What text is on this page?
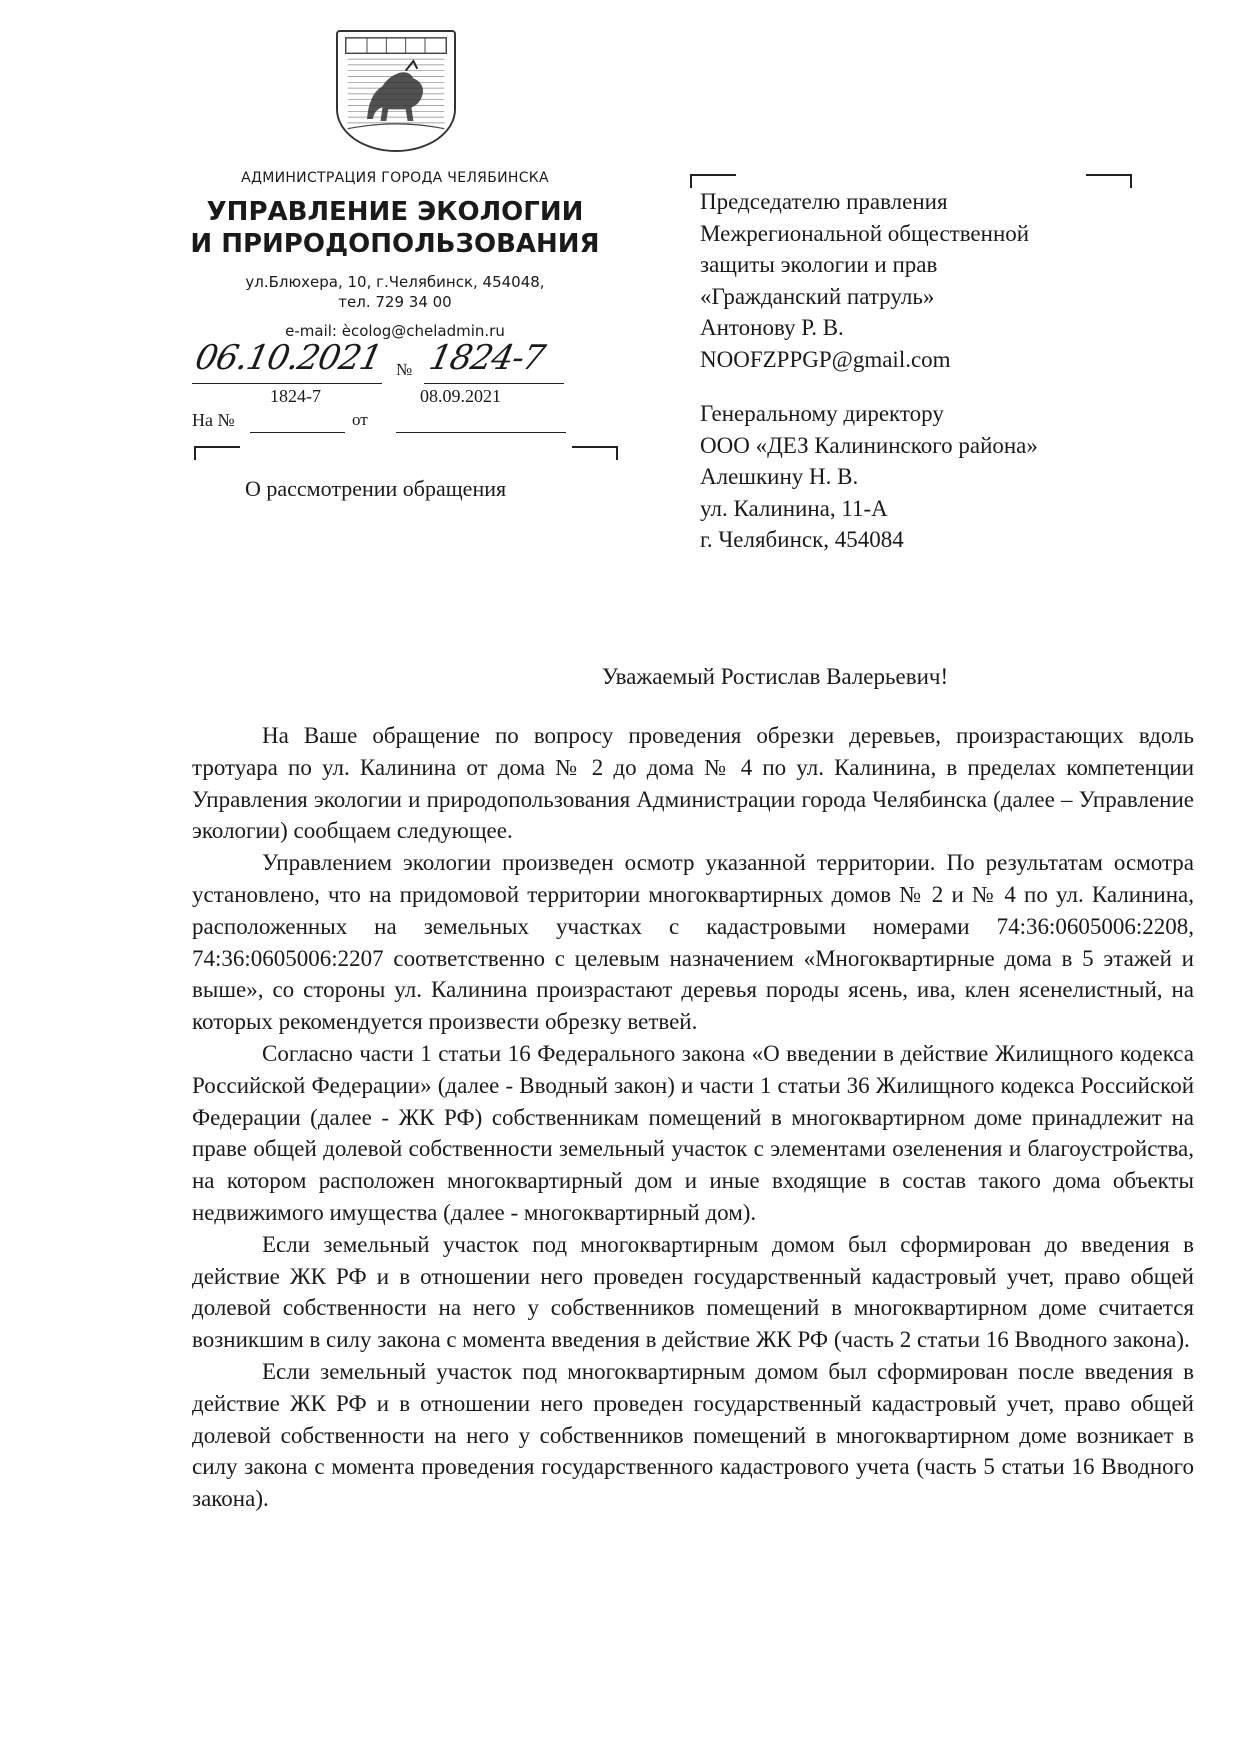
АДМИНИСТРАЦИЯ ГОРОДА ЧЕЛЯБИНСКА
УПРАВЛЕНИЕ ЭКОЛОГИИ
И ПРИРОДОПОЛЬЗОВАНИЯ
ул.Блюхера, 10, г.Челябинск, 454048,
тел. 729 34 00
e-mail: ècolog@cheladmin.ru
06.10.2021 № 1824-7
1824-7	08.09.2021
На №	от
О рассмотрении обращения
Председателю правления
Межрегиональной общественной
защиты экологии и прав
«Гражданский патруль»
Антонову Р. В.
NOOFZPPGP@gmail.com
Генеральному директору
ООО «ДЕЗ Калининского района»
Алешкину Н. В.
ул. Калинина, 11-А
г. Челябинск, 454084
Уважаемый Ростислав Валерьевич!

На Ваше обращение по вопросу проведения обрезки деревьев, произрастающих вдоль тротуара по ул. Калинина от дома № 2 до дома № 4 по ул. Калинина, в пределах компетенции Управления экологии и природопользования Администрации города Челябинска (далее – Управление экологии) сообщаем следующее.

Управлением экологии произведен осмотр указанной территории. По результатам осмотра установлено, что на придомовой территории многоквартирных домов № 2 и № 4 по ул. Калинина, расположенных на земельных участках с кадастровыми номерами 74:36:0605006:2208, 74:36:0605006:2207 соответственно с целевым назначением «Многоквартирные дома в 5 этажей и выше», со стороны ул. Калинина произрастают деревья породы ясень, ива, клен ясенелистный, на которых рекомендуется произвести обрезку ветвей.

Согласно части 1 статьи 16 Федерального закона «О введении в действие Жилищного кодекса Российской Федерации» (далее - Вводный закон) и части 1 статьи 36 Жилищного кодекса Российской Федерации (далее - ЖК РФ) собственникам помещений в многоквартирном доме принадлежит на праве общей долевой собственности земельный участок с элементами озеленения и благоустройства, на котором расположен многоквартирный дом и иные входящие в состав такого дома объекты недвижимого имущества (далее - многоквартирный дом).

Если земельный участок под многоквартирным домом был сформирован до введения в действие ЖК РФ и в отношении него проведен государственный кадастровый учет, право общей долевой собственности на него у собственников помещений в многоквартирном доме считается возникшим в силу закона с момента введения в действие ЖК РФ (часть 2 статьи 16 Вводного закона).

Если земельный участок под многоквартирным домом был сформирован после введения в действие ЖК РФ и в отношении него проведен государственный кадастровый учет, право общей долевой собственности на него у собственников помещений в многоквартирном доме возникает в силу закона с момента проведения государственного кадастрового учета (часть 5 статьи 16 Вводного закона).
